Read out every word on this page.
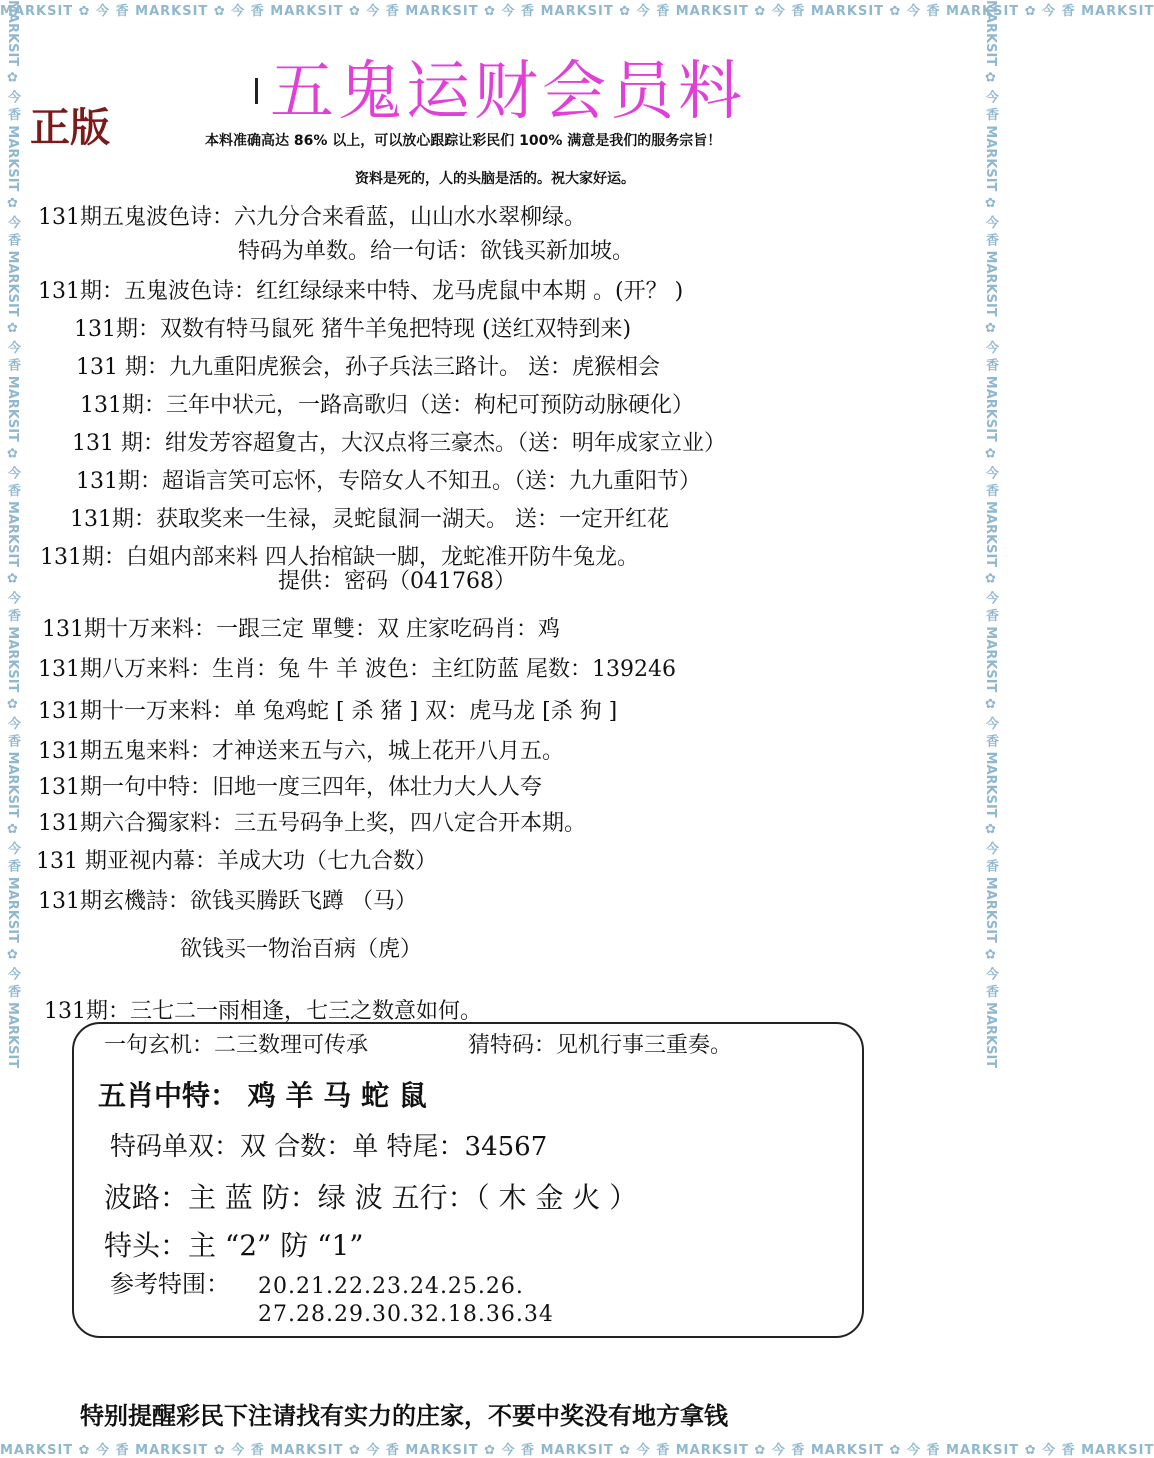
MARKSIT ✿ 今 香 MARKSIT ✿ 今 香 MARKSIT ✿ 今 香 MARKSIT ✿ 今 香 MARKSIT ✿ 今 香 MARKSIT ✿ 今 香 MARKSIT ✿ 今 香 MARKSIT ✿ 今 香 MARKSIT
MARKSIT ✿ 今 香 MARKSIT ✿ 今 香 MARKSIT ✿ 今 香 MARKSIT ✿ 今 香 MARKSIT ✿ 今 香 MARKSIT ✿ 今 香 MARKSIT ✿ 今 香 MARKSIT ✿ 今 香 MARKSIT
MARKSIT ✿ 今 香 MARKSIT ✿ 今 香 MARKSIT ✿ 今 香 MARKSIT ✿ 今 香 MARKSIT ✿ 今 香 MARKSIT ✿ 今 香 MARKSIT ✿ 今 香 MARKSIT ✿ 今 香 MARKSIT	MARKSIT ✿ 今 香 MARKSIT ✿ 今 香 MARKSIT ✿ 今 香 MARKSIT ✿ 今 香 MARKSIT ✿ 今 香 MARKSIT ✿ 今 香 MARKSIT ✿ 今 香 MARKSIT ✿ 今 香 MARKSIT
五鬼运财会员料
正版	本料准确高达 86% 以上，可以放心跟踪让彩民们 100% 满意是我们的服务宗旨！
资料是死的，人的头脑是活的。祝大家好运。
131期五鬼波色诗：六九分合来看蓝，山山水水翠柳绿。
特码为单数。给一句话：欲钱买新加坡。
131期：五鬼波色诗：红红绿绿来中特、龙马虎鼠中本期 。(开？ )
131期：双数有特马鼠死 猪牛羊兔把特现 (送红双特到来)
131 期：九九重阳虎猴会，孙子兵法三路计。 送：虎猴相会
131期：三年中状元，一路高歌归（送：枸杞可预防动脉硬化）
131 期：绀发芳容超夐古，大汉点将三豪杰。（送：明年成家立业）
131期：超诣言笑可忘怀，专陪女人不知丑。（送：九九重阳节）
131期：获取奖来一生禄，灵蛇鼠洞一湖天。 送：一定开红花
131期：白姐内部来料 四人抬棺缺一脚，龙蛇准开防牛兔龙。
提供：密码（041768）
131期十万来料：一跟三定 單雙：双 庄家吃码肖：鸡
131期八万来料：生肖：兔 牛 羊 波色：主红防蓝 尾数：139246
131期十一万来料：单 兔鸡蛇 [ 杀 猪 ] 双：虎马龙 [杀 狗 ]
131期五鬼来料：才神送来五与六，城上花开八月五。
131期一句中特：旧地一度三四年，体壮力大人人夸
131期六合獨家料：三五号码争上奖，四八定合开本期。
131 期亚视内幕：羊成大功（七九合数）
131期玄機詩：欲钱买腾跃飞蹲 （马）
欲钱买一物治百病（虎）
131期：三七二一雨相逢，七三之数意如何。
一句玄机：二三数理可传承	猜特码：见机行事三重奏。
五肖中特： 鸡 羊 马 蛇 鼠
特码单双：双 合数：单 特尾：34567
波路：主 蓝 防：绿 波 五行：（ 木 金 火 ）
特头：主 “2” 防 “1”
参考特围： 20.21.22.23.24.25.26.
27.28.29.30.32.18.36.34
特别提醒彩民下注请找有实力的庄家，不要中奖没有地方拿钱
